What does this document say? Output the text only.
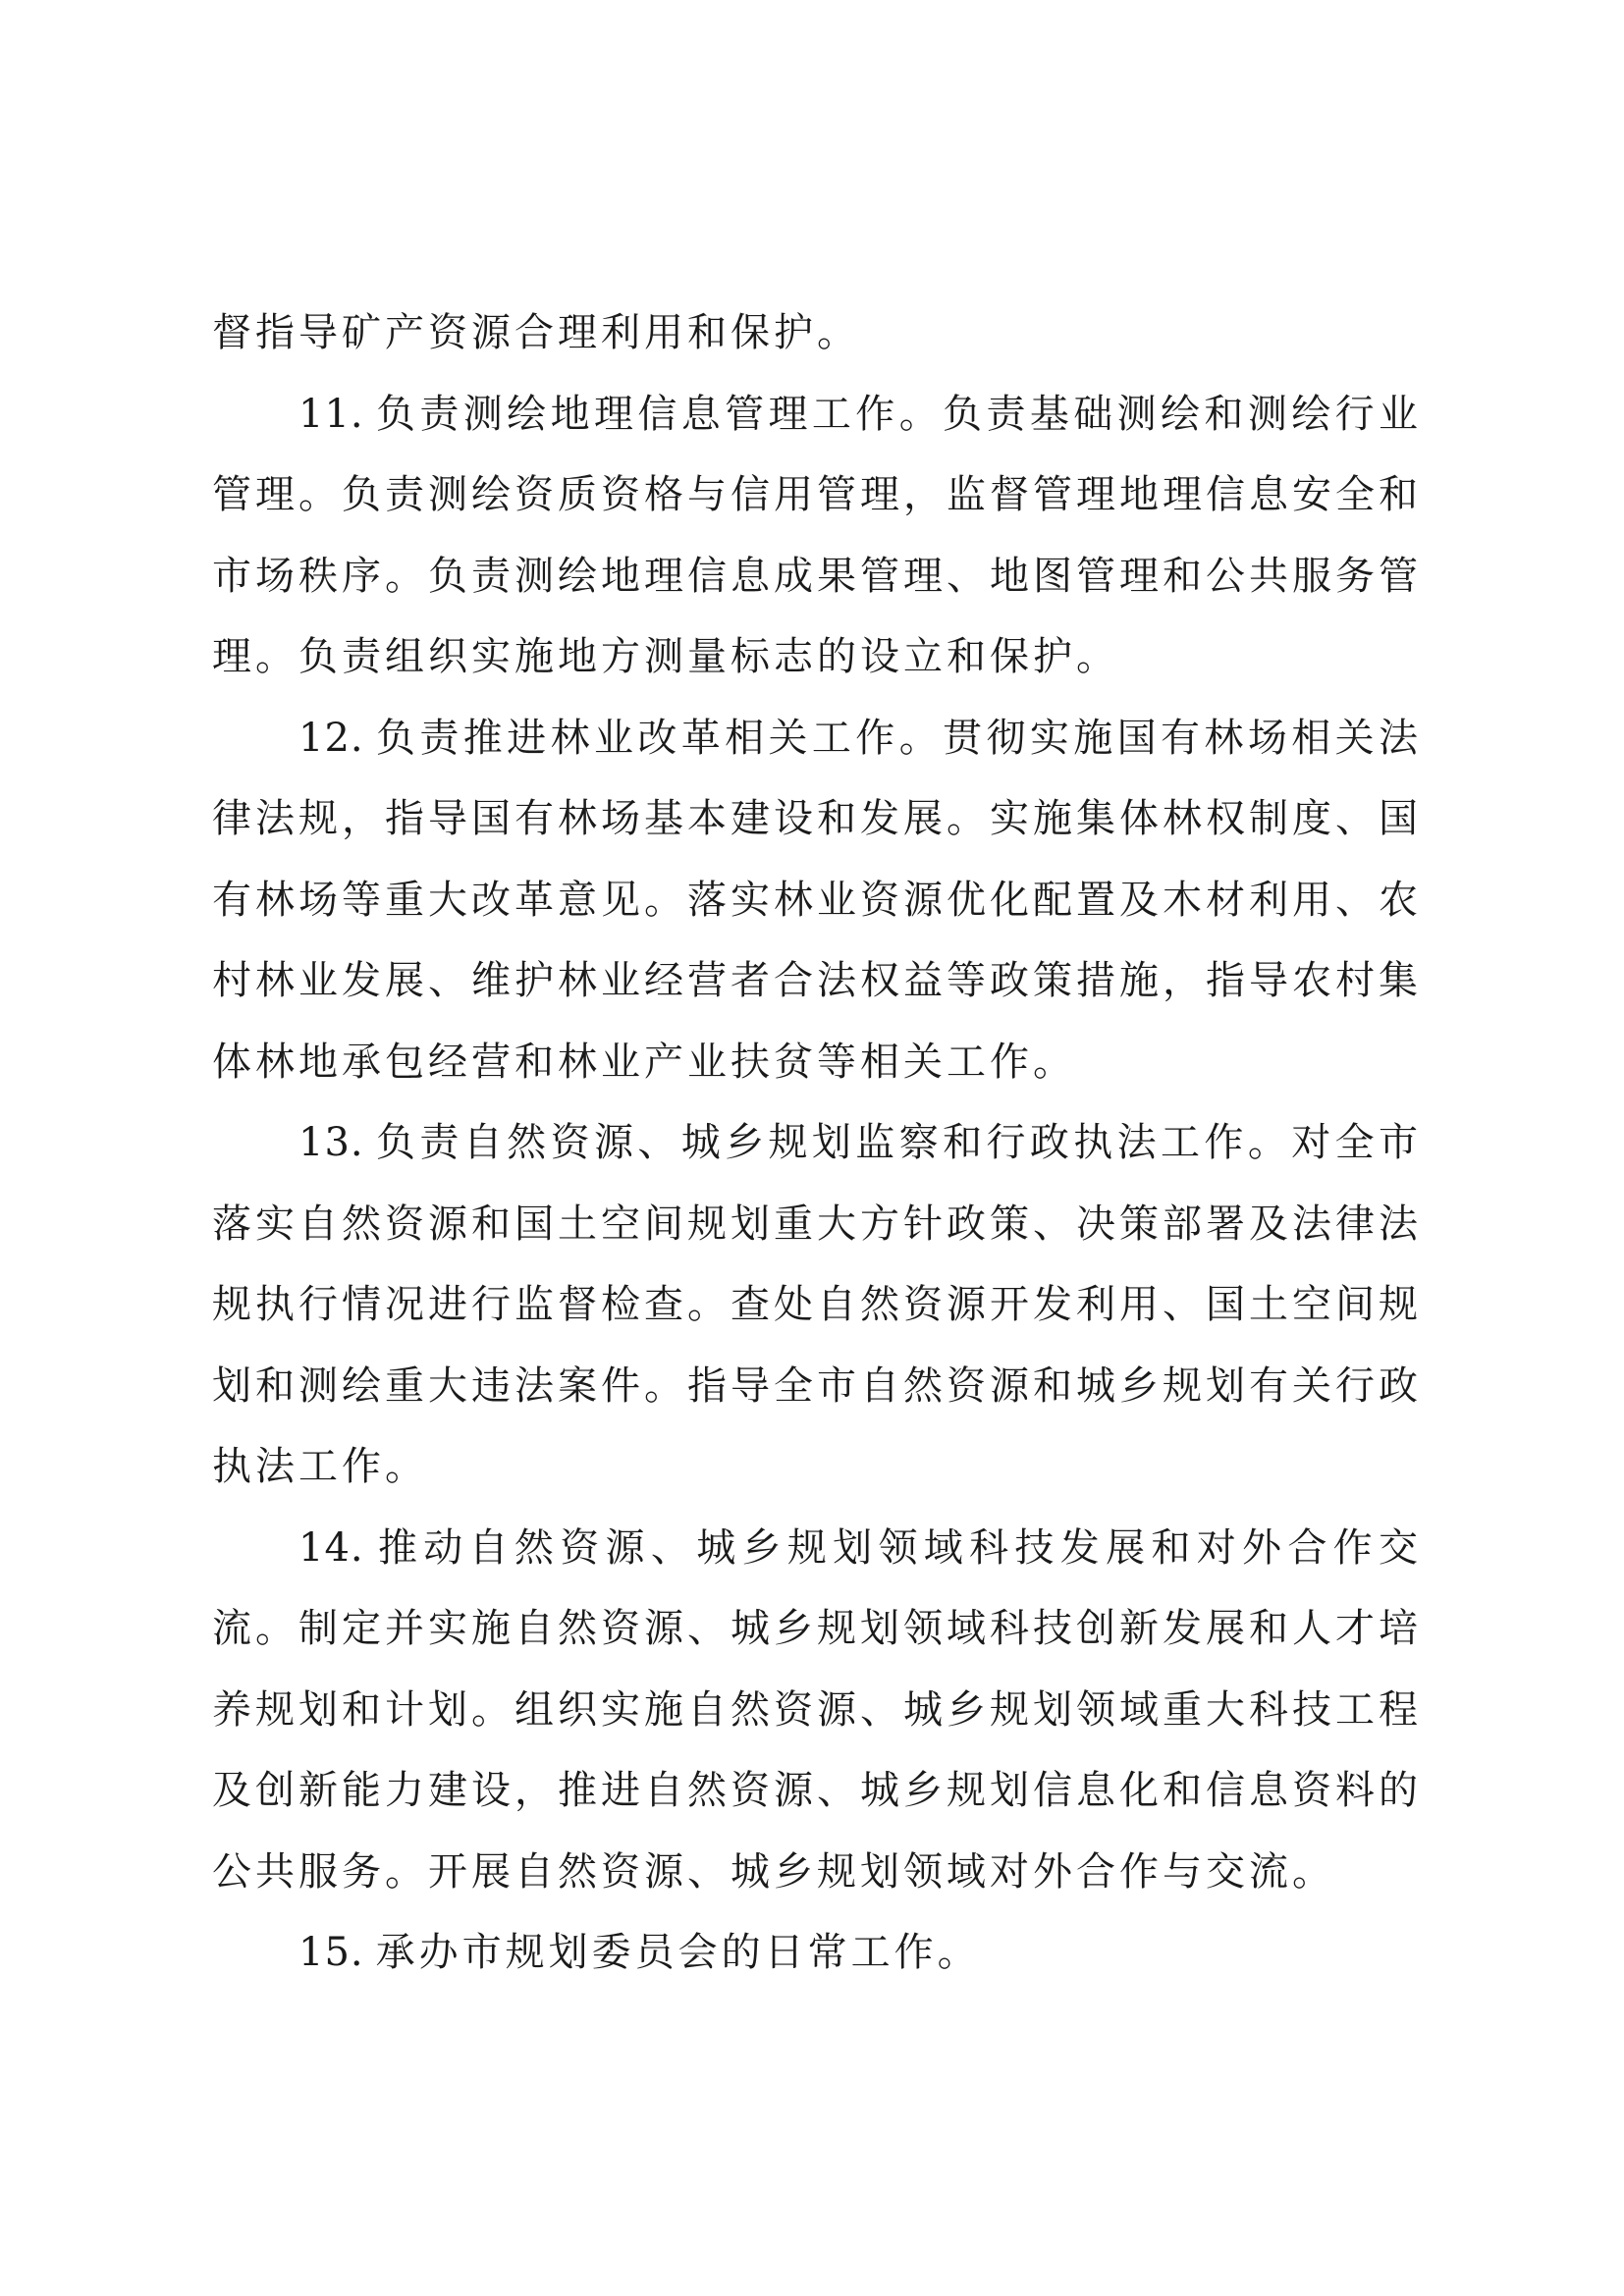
督指导矿产资源合理利用和保护。

11. 负责测绘地理信息管理工作。负责基础测绘和测绘行业管理。负责测绘资质资格与信用管理，监督管理地理信息安全和市场秩序。负责测绘地理信息成果管理、地图管理和公共服务管理。负责组织实施地方测量标志的设立和保护。

12. 负责推进林业改革相关工作。贯彻实施国有林场相关法律法规，指导国有林场基本建设和发展。实施集体林权制度、国有林场等重大改革意见。落实林业资源优化配置及木材利用、农村林业发展、维护林业经营者合法权益等政策措施，指导农村集体林地承包经营和林业产业扶贫等相关工作。

13. 负责自然资源、城乡规划监察和行政执法工作。对全市落实自然资源和国土空间规划重大方针政策、决策部署及法律法规执行情况进行监督检查。查处自然资源开发利用、国土空间规划和测绘重大违法案件。指导全市自然资源和城乡规划有关行政执法工作。

14. 推动自然资源、城乡规划领域科技发展和对外合作交流。制定并实施自然资源、城乡规划领域科技创新发展和人才培养规划和计划。组织实施自然资源、城乡规划领域重大科技工程及创新能力建设，推进自然资源、城乡规划信息化和信息资料的公共服务。开展自然资源、城乡规划领域对外合作与交流。

15. 承办市规划委员会的日常工作。
